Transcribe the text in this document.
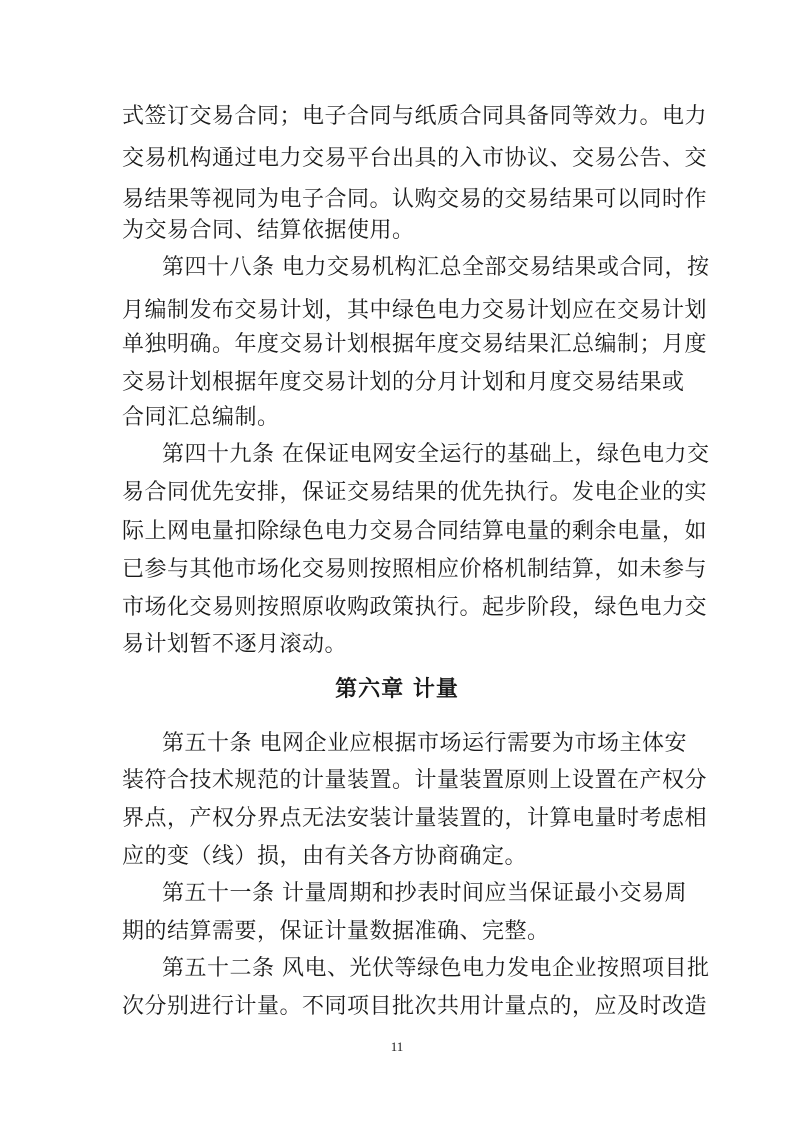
式签订交易合同；电子合同与纸质合同具备同等效力。电力
交易机构通过电力交易平台出具的入市协议、交易公告、交
易结果等视同为电子合同。认购交易的交易结果可以同时作
为交易合同、结算依据使用。
第四十八条 电力交易机构汇总全部交易结果或合同，按
月编制发布交易计划，其中绿色电力交易计划应在交易计划
单独明确。年度交易计划根据年度交易结果汇总编制；月度
交易计划根据年度交易计划的分月计划和月度交易结果或
合同汇总编制。
第四十九条 在保证电网安全运行的基础上，绿色电力交
易合同优先安排，保证交易结果的优先执行。发电企业的实
际上网电量扣除绿色电力交易合同结算电量的剩余电量，如
已参与其他市场化交易则按照相应价格机制结算，如未参与
市场化交易则按照原收购政策执行。起步阶段，绿色电力交
易计划暂不逐月滚动。
第六章 计量
第五十条 电网企业应根据市场运行需要为市场主体安
装符合技术规范的计量装置。计量装置原则上设置在产权分
界点，产权分界点无法安装计量装置的，计算电量时考虑相
应的变（线）损，由有关各方协商确定。
第五十一条 计量周期和抄表时间应当保证最小交易周
期的结算需要，保证计量数据准确、完整。
第五十二条 风电、光伏等绿色电力发电企业按照项目批
次分别进行计量。不同项目批次共用计量点的，应及时改造
11
